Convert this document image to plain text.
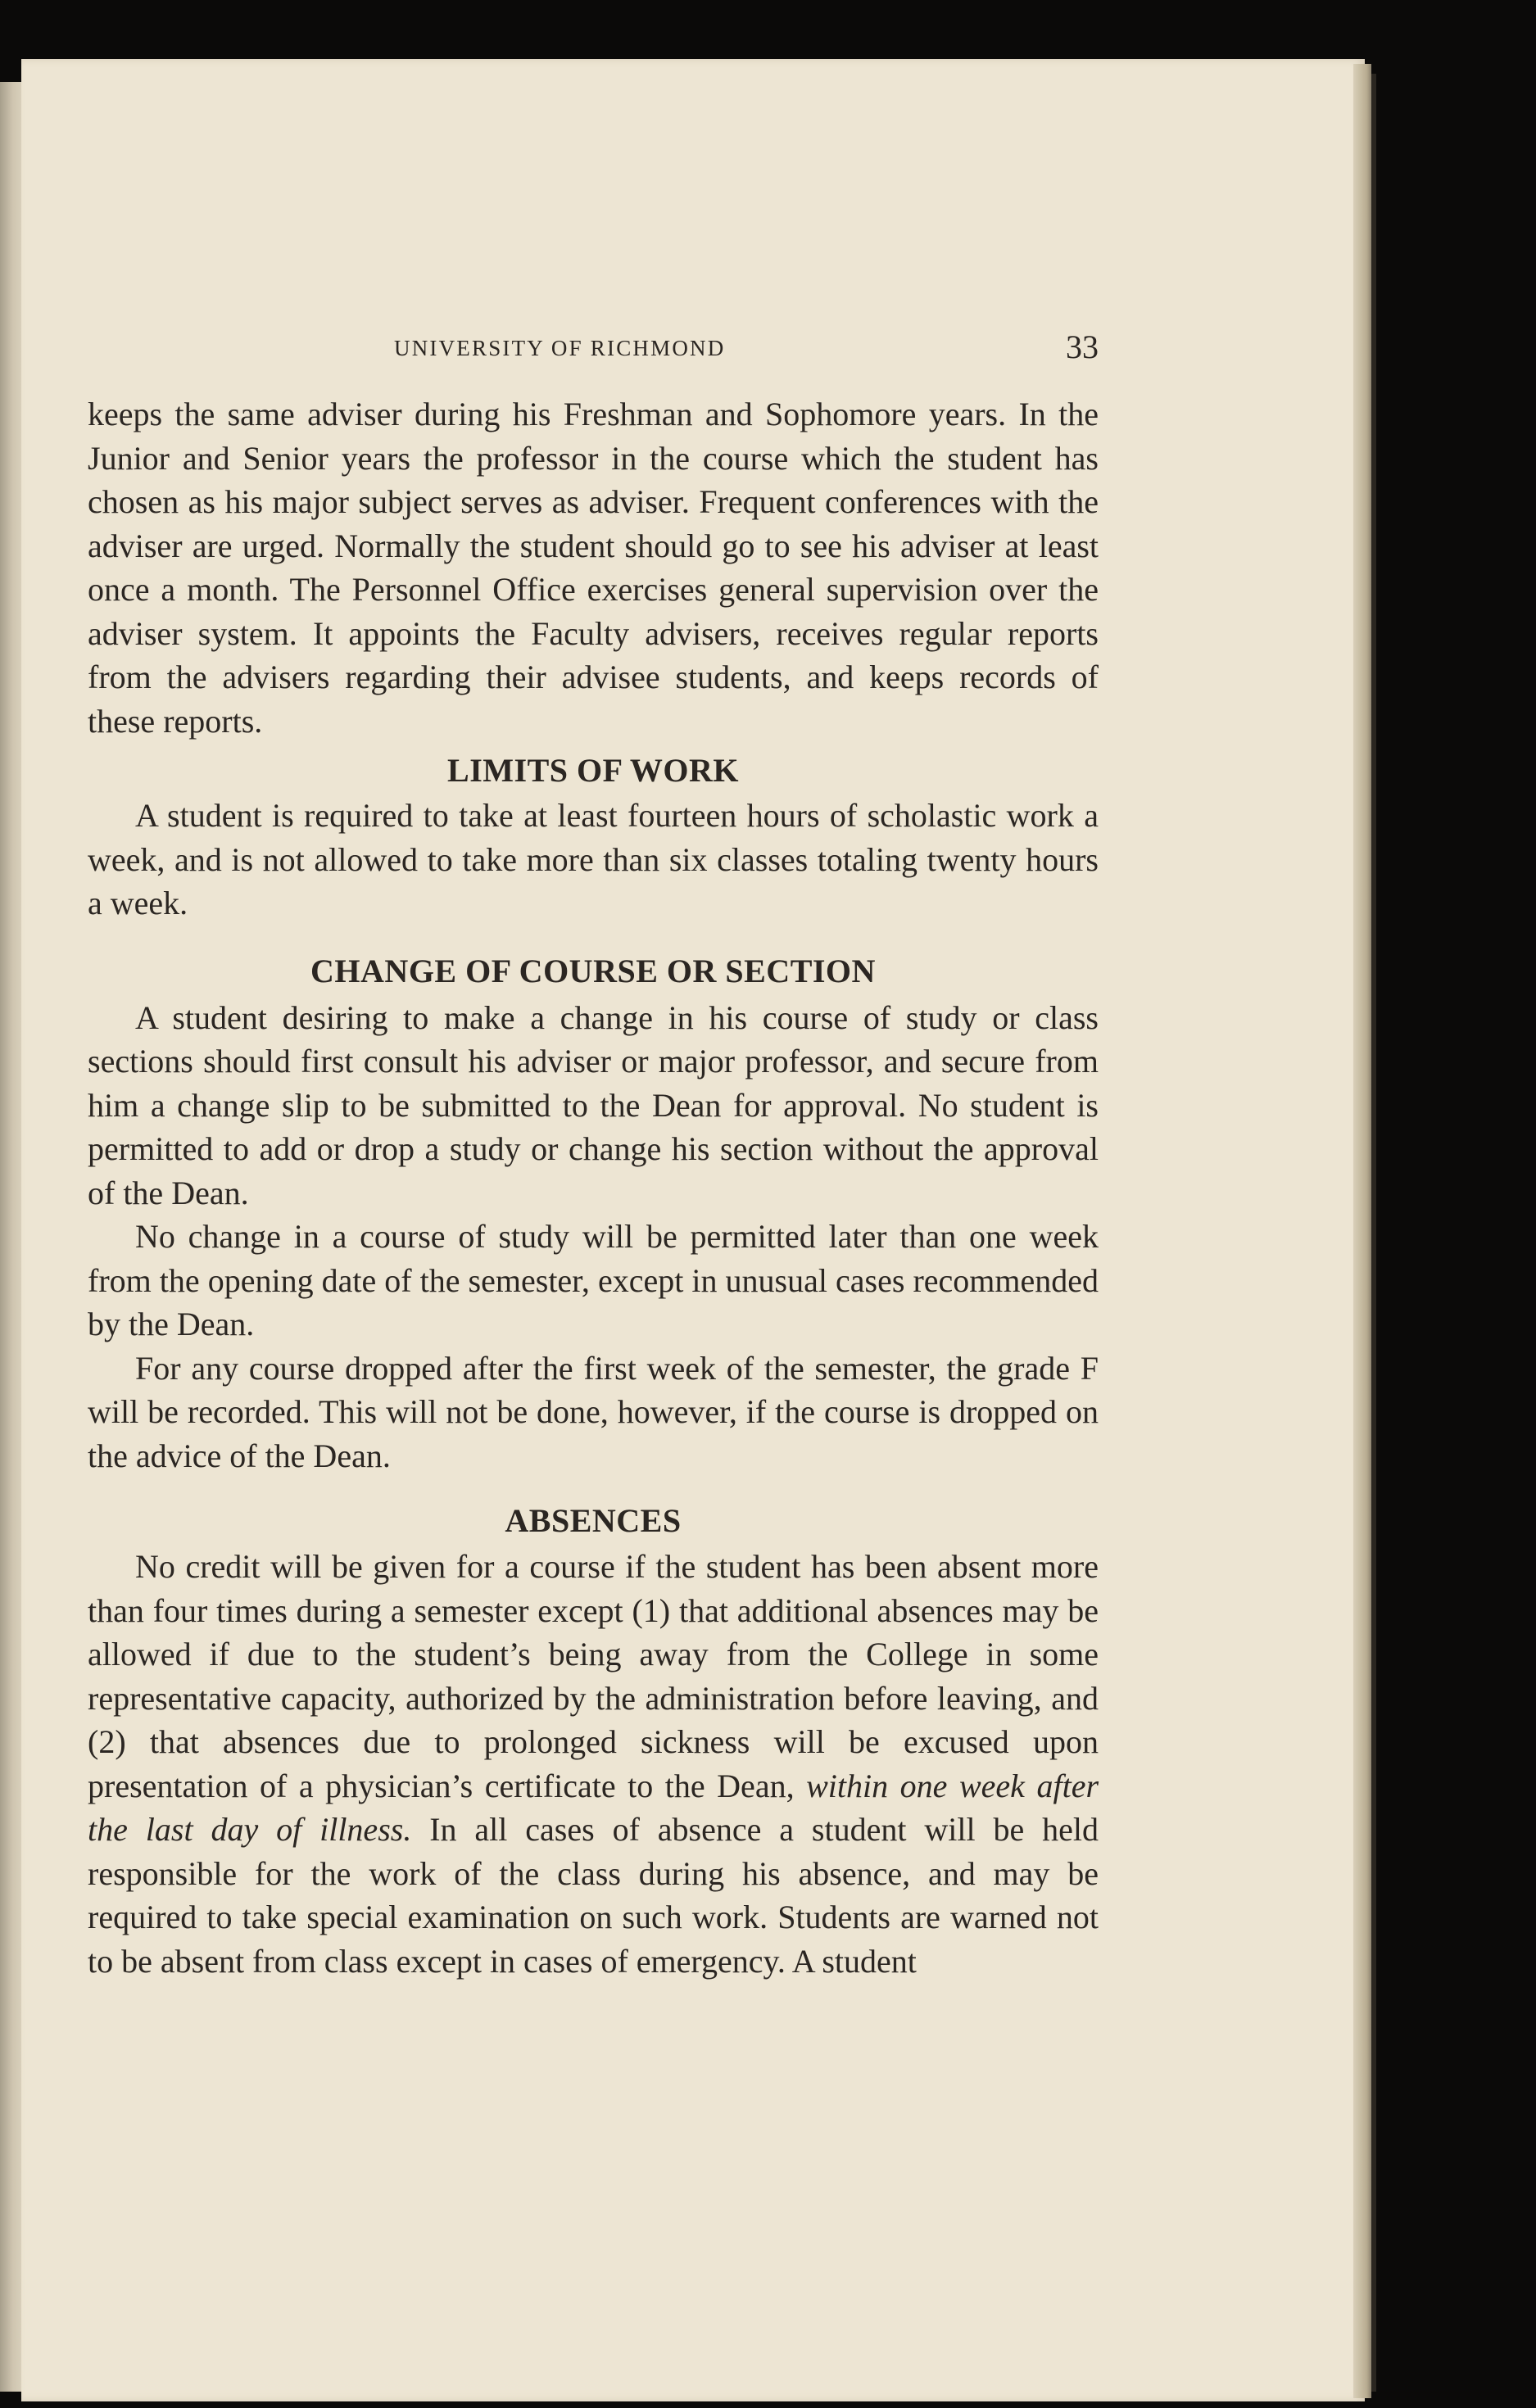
UNIVERSITY OF RICHMOND	33

keeps the same adviser during his Freshman and Sophomore years. In the Junior and Senior years the professor in the course which the student has chosen as his major subject serves as adviser. Frequent conferences with the adviser are urged. Normally the student should go to see his adviser at least once a month. The Personnel Office exercises general supervision over the adviser system. It appoints the Faculty advisers, receives regular reports from the advisers regarding their advisee students, and keeps records of these reports.

LIMITS OF WORK

A student is required to take at least fourteen hours of scholastic work a week, and is not allowed to take more than six classes totaling twenty hours a week.

CHANGE OF COURSE OR SECTION

A student desiring to make a change in his course of study or class sections should first consult his adviser or major professor, and secure from him a change slip to be submitted to the Dean for approval. No student is permitted to add or drop a study or change his section without the approval of the Dean.

No change in a course of study will be permitted later than one week from the opening date of the semester, except in unusual cases recommended by the Dean.

For any course dropped after the first week of the semester, the grade F will be recorded. This will not be done, however, if the course is dropped on the advice of the Dean.

ABSENCES

No credit will be given for a course if the student has been absent more than four times during a semester except (1) that additional absences may be allowed if due to the student’s being away from the College in some representative capacity, authorized by the administration before leaving, and (2) that absences due to prolonged sickness will be excused upon presentation of a physician’s certificate to the Dean, within one week after the last day of illness. In all cases of absence a student will be held responsible for the work of the class during his absence, and may be required to take special examination on such work. Students are warned not to be absent from class except in cases of emergency. A student
